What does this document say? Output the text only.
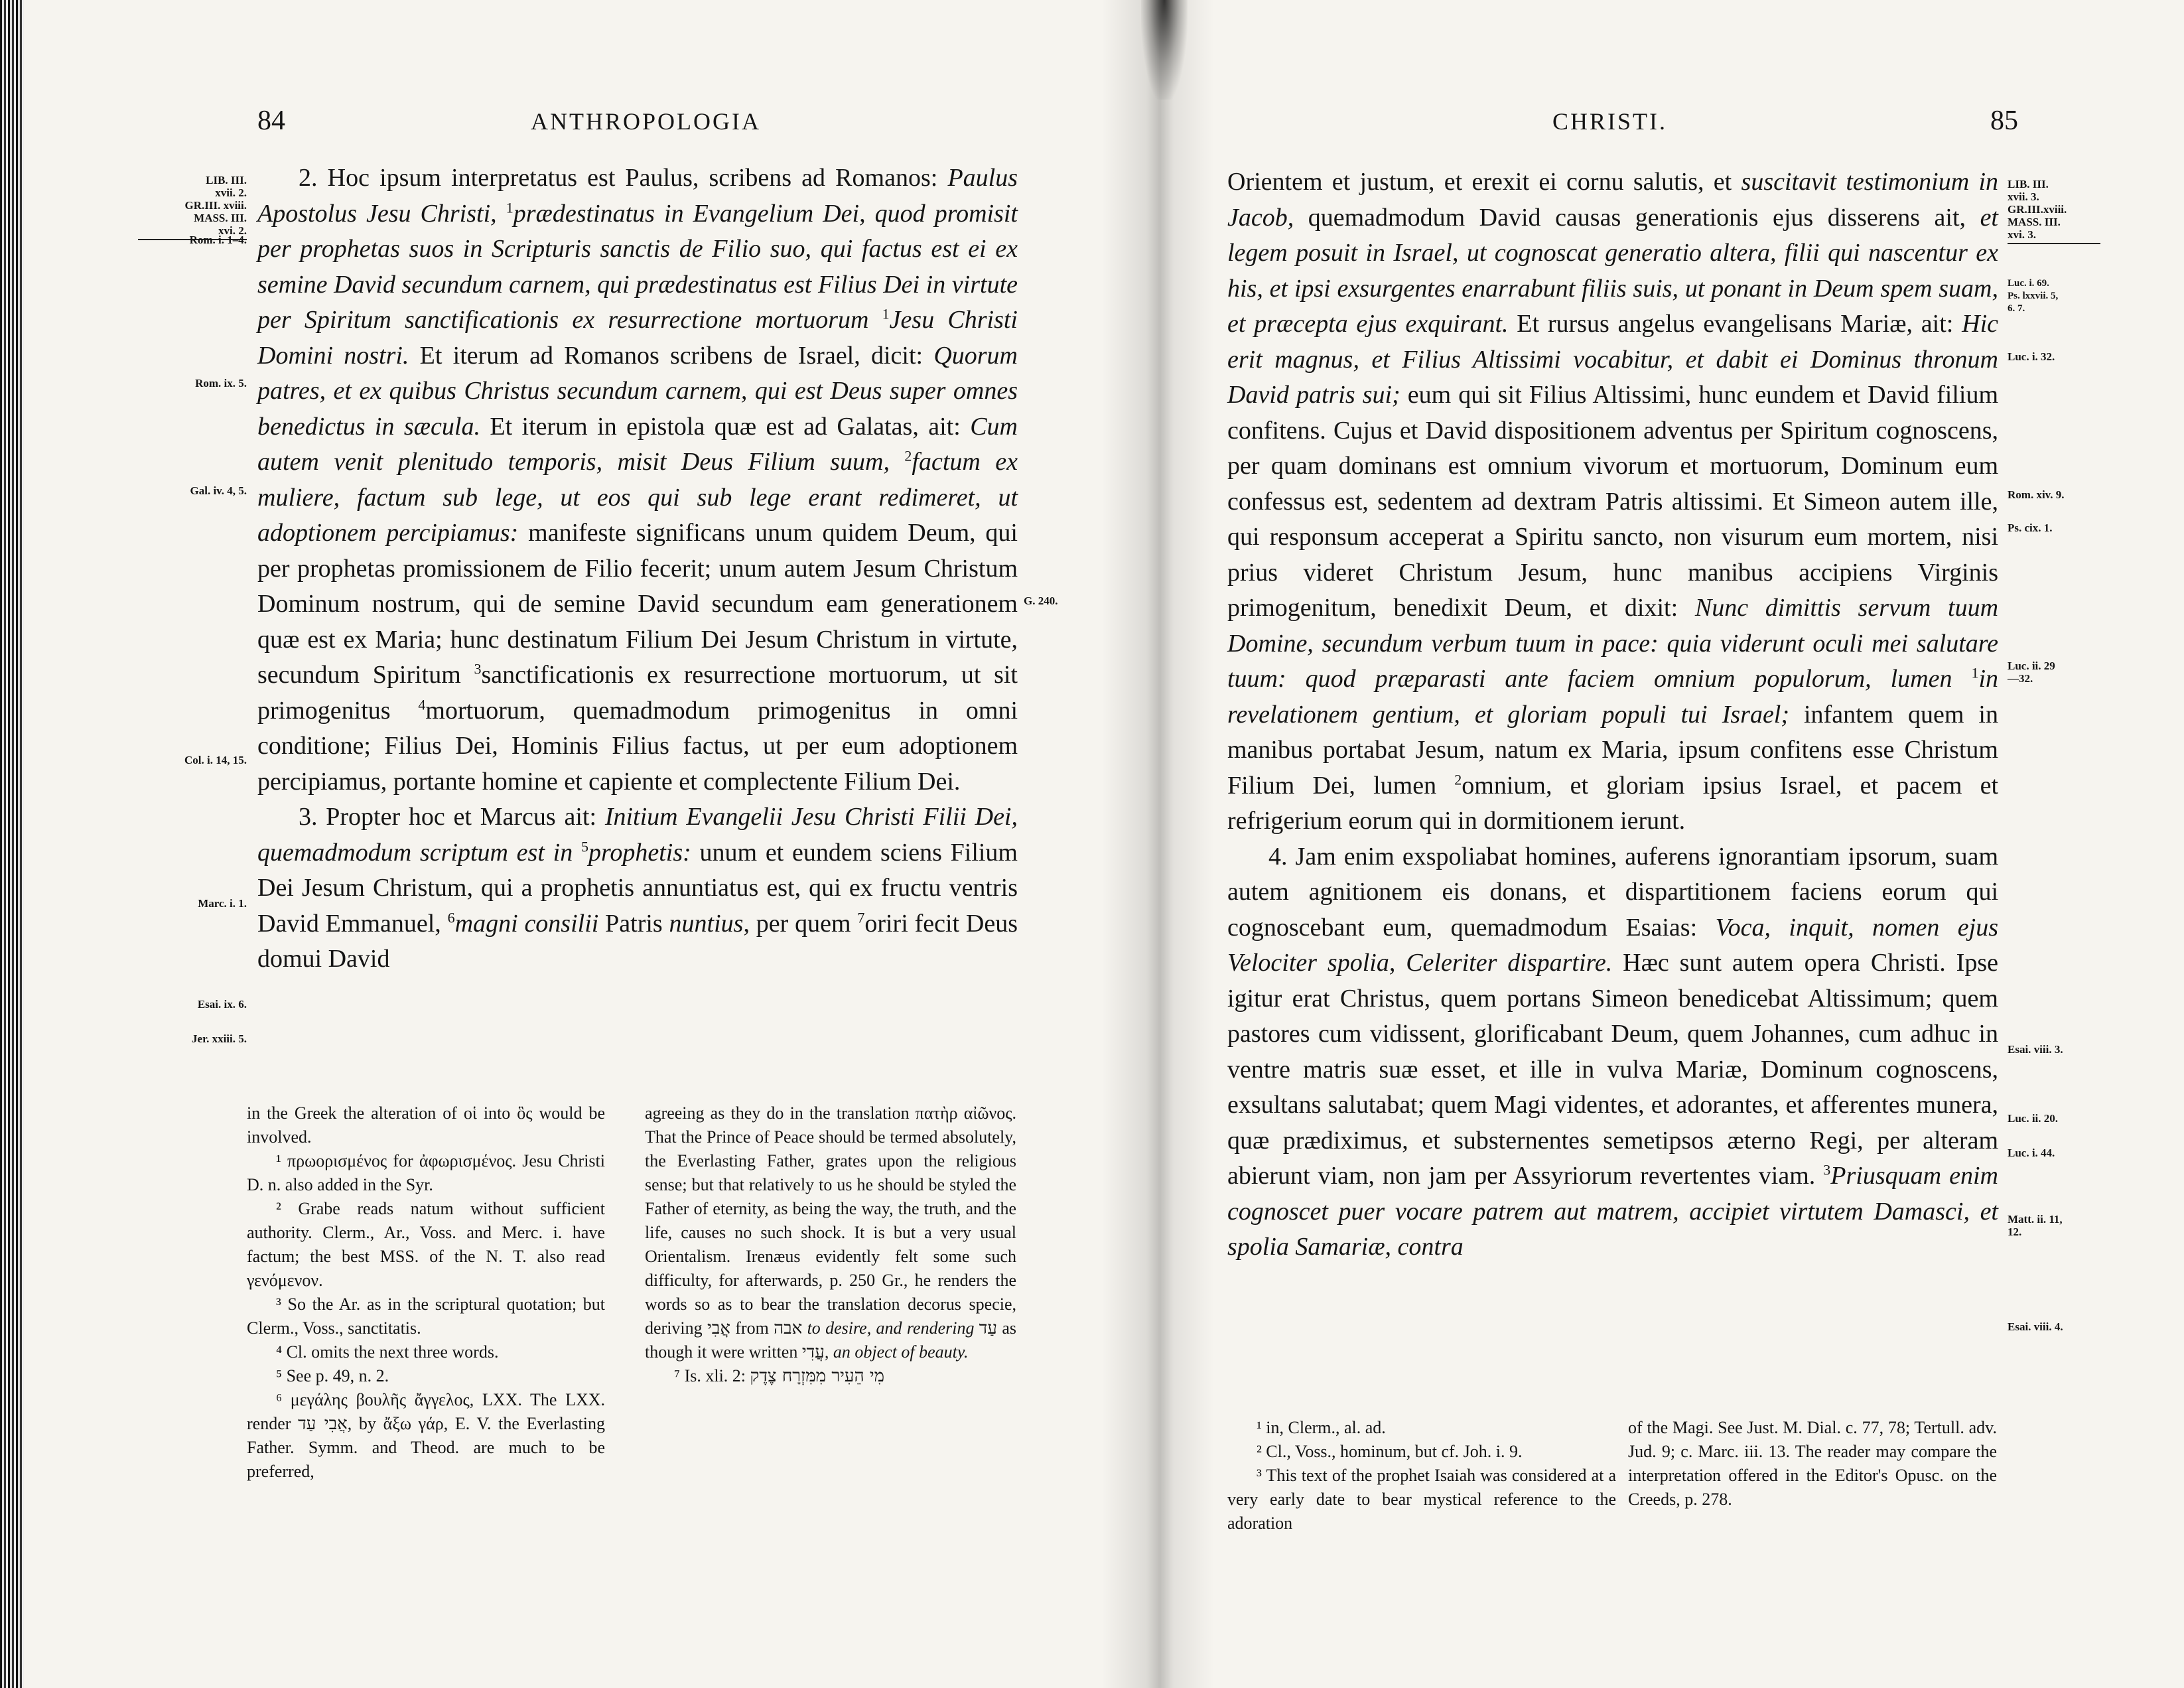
84	ANTHROPOLOGIA
LIB. III.
xvii. 2.
GR.III. xviii.
MASS. III.
xvi. 2.
Rom. i. 1–4.
Rom. ix. 5.
Gal. iv. 4, 5.
G. 240.
Col. i. 14, 15.
Marc. i. 1.
Esai. ix. 6.
Jer. xxiii. 5.

2. Hoc ipsum interpretatus est Paulus, scribens ad Romanos: Paulus Apostolus Jesu Christi, $^1$prædestinatus in Evangelium Dei, quod promisit per prophetas suos in Scripturis sanctis de Filio suo, qui factus est ei ex semine David secundum carnem, qui prædestinatus est Filius Dei in virtute per Spiritum sanctificationis ex resurrectione mortuorum $^1$Jesu Christi Domini nostri. Et iterum ad Romanos scribens de Israel, dicit: Quorum patres, et ex quibus Christus secundum carnem, qui est Deus super omnes benedictus in sæcula. Et iterum in epistola quæ est ad Galatas, ait: Cum autem venit plenitudo temporis, misit Deus Filium suum, $^2$factum ex muliere, factum sub lege, ut eos qui sub lege erant redimeret, ut adoptionem percipiamus: manifeste significans unum quidem Deum, qui per prophetas promissionem de Filio fecerit; unum autem Jesum Christum Dominum nostrum, qui de semine David secundum eam generationem quæ est ex Maria; hunc destinatum Filium Dei Jesum Christum in virtute, secundum Spiritum $^3$sanctificationis ex resurrectione mortuorum, ut sit primogenitus $^4$mortuorum, quemadmodum primogenitus in omni conditione; Filius Dei, Hominis Filius factus, ut per eum adoptionem percipiamus, portante homine et capiente et complectente Filium Dei.

3. Propter hoc et Marcus ait: Initium Evangelii Jesu Christi Filii Dei, quemadmodum scriptum est in $^5$prophetis: unum et eundem sciens Filium Dei Jesum Christum, qui a prophetis annuntiatus est, qui ex fructu ventris David Emmanuel, $^6$magni consilii Patris nuntius, per quem $^7$oriri fecit Deus domui David

in the Greek the alteration of οἱ into ὃς would be involved.

¹ πρωορισμένος for ἀφωρισμένος. Jesu Christi D. n. also added in the Syr.

² Grabe reads natum without sufficient authority. Clerm., Ar., Voss. and Merc. i. have factum; the best MSS. of the N. T. also read γενόμενον.

³ So the Ar. as in the scriptural quotation; but Clerm., Voss., sanctitatis.

⁴ Cl. omits the next three words.

⁵ See p. 49, n. 2.

⁶ μεγάλης βουλῆς ἄγγελος, LXX. The LXX. render אֲבִי עַד, by ἄξω γάρ, E. V. the Everlasting Father. Symm. and Theod. are much to be preferred,

agreeing as they do in the translation πατὴρ αἰῶνος. That the Prince of Peace should be termed absolutely, the Everlasting Father, grates upon the religious sense; but that relatively to us he should be styled the Father of eternity, as being the way, the truth, and the life, causes no such shock. It is but a very usual Orientalism. Irenæus evidently felt some such difficulty, for afterwards, p. 250 Gr., he renders the words so as to bear the translation decorus specie, deriving אֲבִי from אבה to desire, and rendering עַד as though it were written עֲדִי, an object of beauty.

⁷ Is. xli. 2: מִי הֵעִיר מִמִּזְרָח צֶדֶק

CHRISTI.	85

Orientem et justum, et erexit ei cornu salutis, et suscitavit testimonium in Jacob, quemadmodum David causas generationis ejus disserens ait, et legem posuit in Israel, ut cognoscat generatio altera, filii qui nascentur ex his, et ipsi exsurgentes enarrabunt filiis suis, ut ponant in Deum spem suam, et præcepta ejus exquirant. Et rursus angelus evangelisans Mariæ, ait: Hic erit magnus, et Filius Altissimi vocabitur, et dabit ei Dominus thronum David patris sui; eum qui sit Filius Altissimi, hunc eundem et David filium confitens. Cujus et David dispositionem adventus per Spiritum cognoscens, per quam dominans est omnium vivorum et mortuorum, Dominum eum confessus est, sedentem ad dextram Patris altissimi. Et Simeon autem ille, qui responsum acceperat a Spiritu sancto, non visurum eum mortem, nisi prius videret Christum Jesum, hunc manibus accipiens Virginis primogenitum, benedixit Deum, et dixit: Nunc dimittis servum tuum Domine, secundum verbum tuum in pace: quia viderunt oculi mei salutare tuum: quod præparasti ante faciem omnium populorum, lumen $^1$in revelationem gentium, et gloriam populi tui Israel; infantem quem in manibus portabat Jesum, natum ex Maria, ipsum confitens esse Christum Filium Dei, lumen $^2$omnium, et gloriam ipsius Israel, et pacem et refrigerium eorum qui in dormitionem ierunt.

4. Jam enim exspoliabat homines, auferens ignorantiam ipsorum, suam autem agnitionem eis donans, et dispartitionem faciens eorum qui cognoscebant eum, quemadmodum Esaias: Voca, inquit, nomen ejus Velociter spolia, Celeriter dispartire. Hæc sunt autem opera Christi. Ipse igitur erat Christus, quem portans Simeon benedicebat Altissimum; quem pastores cum vidissent, glorificabant Deum, quem Johannes, cum adhuc in ventre matris suæ esset, et ille in vulva Mariæ, Dominum cognoscens, exsultans salutabat; quem Magi videntes, et adorantes, et afferentes munera, quæ prædiximus, et substernentes semetipsos æterno Regi, per alteram abierunt viam, non jam per Assyriorum revertentes viam. $^3$Priusquam enim cognoscet puer vocare patrem aut matrem, accipiet virtutem Damasci, et spolia Samariæ, contra

LIB. III.
xvii. 3.
GR.III.xviii.
MASS. III.
xvi. 3.
Luc. i. 69.
Ps. lxxvii. 5,
6. 7.
Luc. i. 32.
Rom. xiv. 9.
Ps. cix. 1.
Luc. ii. 29
—32.
Esai. viii. 3.
Luc. ii. 20.
Luc. i. 44.
Matt. ii. 11,
12.
Esai. viii. 4.

¹ in, Clerm., al. ad.

² Cl., Voss., hominum, but cf. Joh. i. 9.

³ This text of the prophet Isaiah was considered at a very early date to bear mystical reference to the adoration

of the Magi. See Just. M. Dial. c. 77, 78; Tertull. adv. Jud. 9; c. Marc. iii. 13. The reader may compare the interpretation offered in the Editor's Opusc. on the Creeds, p. 278.
